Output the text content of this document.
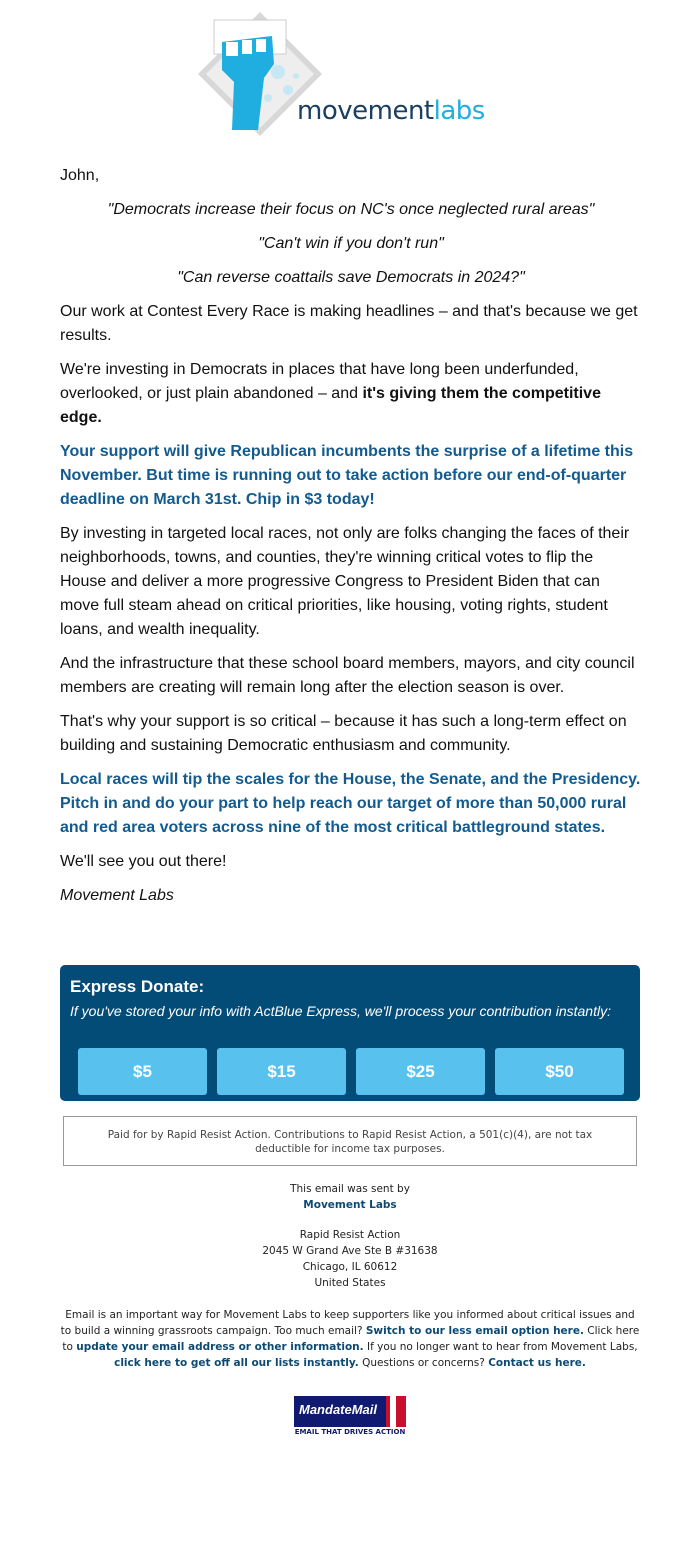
movementlabs

John,

"Democrats increase their focus on NC's once neglected rural areas"

"Can't win if you don't run"

"Can reverse coattails save Democrats in 2024?"

Our work at Contest Every Race is making headlines – and that's because we get results.

We're investing in Democrats in places that have long been underfunded, overlooked, or just plain abandoned – and it's giving them the competitive edge.

Your support will give Republican incumbents the surprise of a lifetime this November. But time is running out to take action before our end-of-quarter deadline on March 31st. Chip in $3 today!

By investing in targeted local races, not only are folks changing the faces of their neighborhoods, towns, and counties, they're winning critical votes to flip the House and deliver a more progressive Congress to President Biden that can move full steam ahead on critical priorities, like housing, voting rights, student loans, and wealth inequality.

And the infrastructure that these school board members, mayors, and city council members are creating will remain long after the election season is over.

That's why your support is so critical – because it has such a long-term effect on building and sustaining Democratic enthusiasm and community.

Local races will tip the scales for the House, the Senate, and the Presidency. Pitch in and do your part to help reach our target of more than 50,000 rural and red area voters across nine of the most critical battleground states.

We'll see you out there!

Movement Labs

Express Donate:
If you've stored your info with ActBlue Express, we'll process your contribution instantly:
$5	$15	$25	$50
Paid for by Rapid Resist Action. Contributions to Rapid Resist Action, a 501(c)(4), are not tax deductible for income tax purposes.
This email was sent by
Movement Labs
Rapid Resist Action
2045 W Grand Ave Ste B #31638
Chicago, IL 60612
United States
Email is an important way for Movement Labs to keep supporters like you informed about critical issues and to build a winning grassroots campaign. Too much email? Switch to our less email option here. Click here to update your email address or other information. If you no longer want to hear from Movement Labs, click here to get off all our lists instantly. Questions or concerns? Contact us here.
MandateMail
EMAIL THAT DRIVES ACTION
